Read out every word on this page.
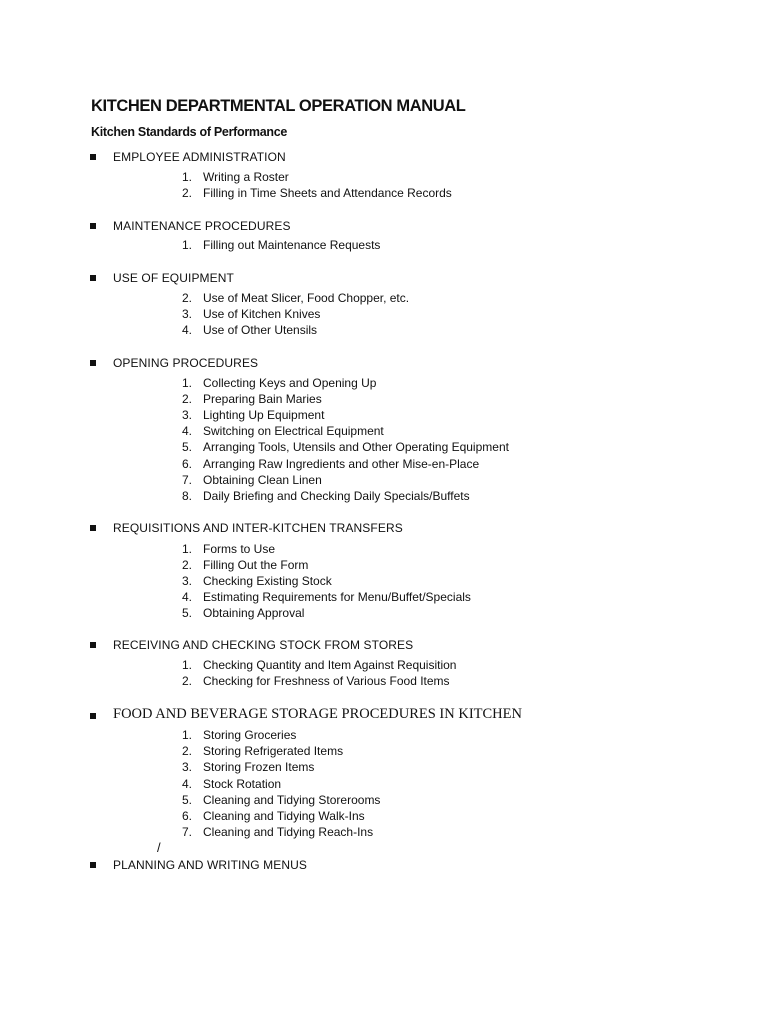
KITCHEN DEPARTMENTAL OPERATION MANUAL
Kitchen Standards of Performance
EMPLOYEE ADMINISTRATION
1. Writing a Roster
2. Filling in Time Sheets and Attendance Records
MAINTENANCE PROCEDURES
1. Filling out Maintenance Requests
USE OF EQUIPMENT
2. Use of Meat Slicer, Food Chopper, etc.
3. Use of Kitchen Knives
4. Use of Other Utensils
OPENING PROCEDURES
1. Collecting Keys and Opening Up
2. Preparing Bain Maries
3. Lighting Up Equipment
4. Switching on Electrical Equipment
5. Arranging Tools, Utensils and Other Operating Equipment
6. Arranging Raw Ingredients and other Mise-en-Place
7. Obtaining Clean Linen
8. Daily Briefing and Checking Daily Specials/Buffets
REQUISITIONS AND INTER-KITCHEN TRANSFERS
1. Forms to Use
2. Filling Out the Form
3. Checking Existing Stock
4. Estimating Requirements for Menu/Buffet/Specials
5. Obtaining Approval
RECEIVING AND CHECKING STOCK FROM STORES
1. Checking Quantity and Item Against Requisition
2. Checking for Freshness of Various Food Items
FOOD AND BEVERAGE STORAGE PROCEDURES IN KITCHEN
1. Storing Groceries
2. Storing Refrigerated Items
3. Storing Frozen Items
4. Stock Rotation
5. Cleaning and Tidying Storerooms
6. Cleaning and Tidying Walk-Ins
7. Cleaning and Tidying Reach-Ins
/
PLANNING AND WRITING MENUS
